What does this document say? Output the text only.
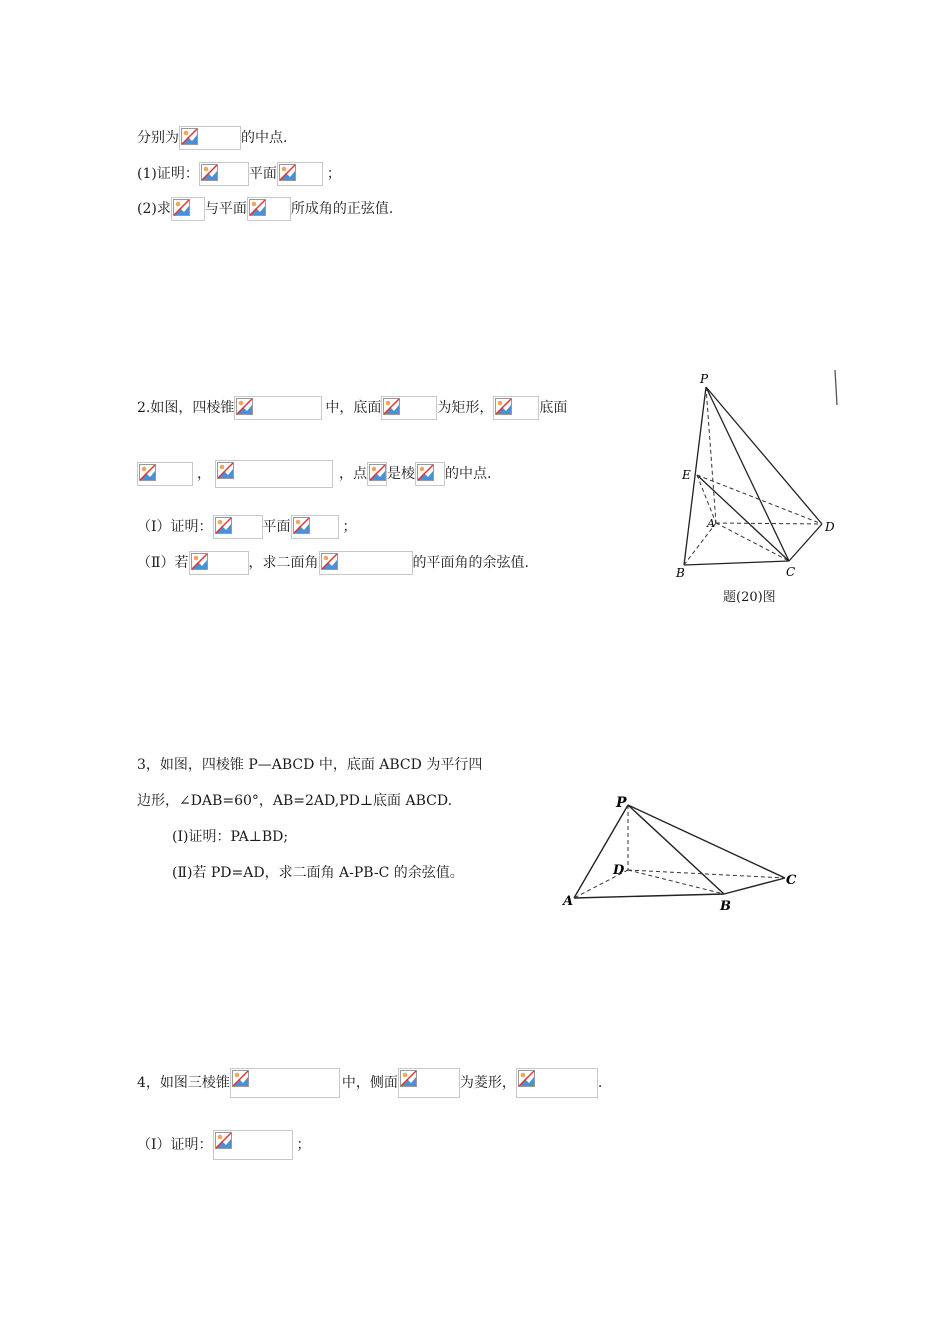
分别为	的中点.
(1)证明：	平面	；
(2)求 与平面	所成角的正弦值.
2.如图，四棱锥	中，底面	为矩形，	底面
，	，点 是棱 的中点.
（Ⅰ）证明：	平面	；
（Ⅱ）若	，求二面角	的平面角的余弦值.
P
E
A
B	C
D
题(20)图
3，如图，四棱锥 P—ABCD 中，底面 ABCD 为平行四
边形，∠DAB=60°，AB=2AD,PD⊥底面 ABCD.
(Ⅰ)证明：PA⊥BD;
(Ⅱ)若 PD=AD，求二面角 A-PB-C 的余弦值。
P
D
A	B
C
4，如图三棱锥	中，侧面	为菱形，	.
（Ⅰ）证明：	；
